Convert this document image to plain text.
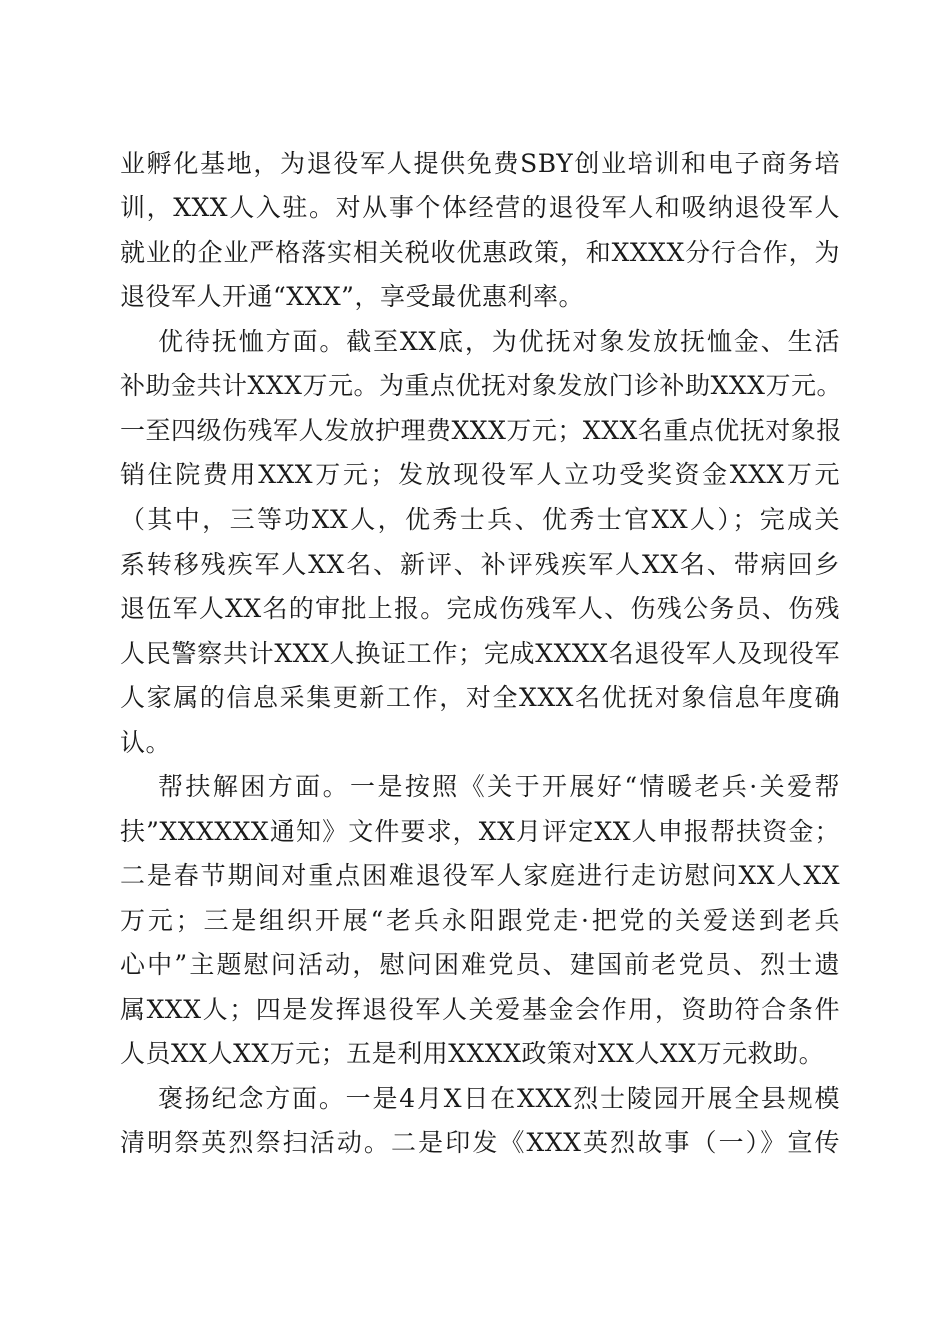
业孵化基地，为退役军人提供免费SBY创业培训和电子商务培
训，XXX人入驻。对从事个体经营的退役军人和吸纳退役军人
就业的企业严格落实相关税收优惠政策，和XXXX分行合作，为
退役军人开通“XXX”，享受最优惠利率。
优待抚恤方面。截至XX底，为优抚对象发放抚恤金、生活
补助金共计XXX万元。为重点优抚对象发放门诊补助XXX万元。
一至四级伤残军人发放护理费XXX万元；XXX名重点优抚对象报
销住院费用XXX万元；发放现役军人立功受奖资金XXX万元
（其中，三等功XX人，优秀士兵、优秀士官XX人）；完成关
系转移残疾军人XX名、新评、补评残疾军人XX名、带病回乡
退伍军人XX名的审批上报。完成伤残军人、伤残公务员、伤残
人民警察共计XXX人换证工作；完成XXXX名退役军人及现役军
人家属的信息采集更新工作，对全XXX名优抚对象信息年度确
认。
帮扶解困方面。一是按照《关于开展好“情暖老兵·关爱帮
扶”XXXXXX通知》文件要求，XX月评定XX人申报帮扶资金；
二是春节期间对重点困难退役军人家庭进行走访慰问XX人XX
万元；三是组织开展“老兵永阳跟党走·把党的关爱送到老兵
心中”主题慰问活动，慰问困难党员、建国前老党员、烈士遗
属XXX人；四是发挥退役军人关爱基金会作用，资助符合条件
人员XX人XX万元；五是利用XXXX政策对XX人XX万元救助。
褒扬纪念方面。一是4月X日在XXX烈士陵园开展全县规模
清明祭英烈祭扫活动。二是印发《XXX英烈故事（一）》宣传
